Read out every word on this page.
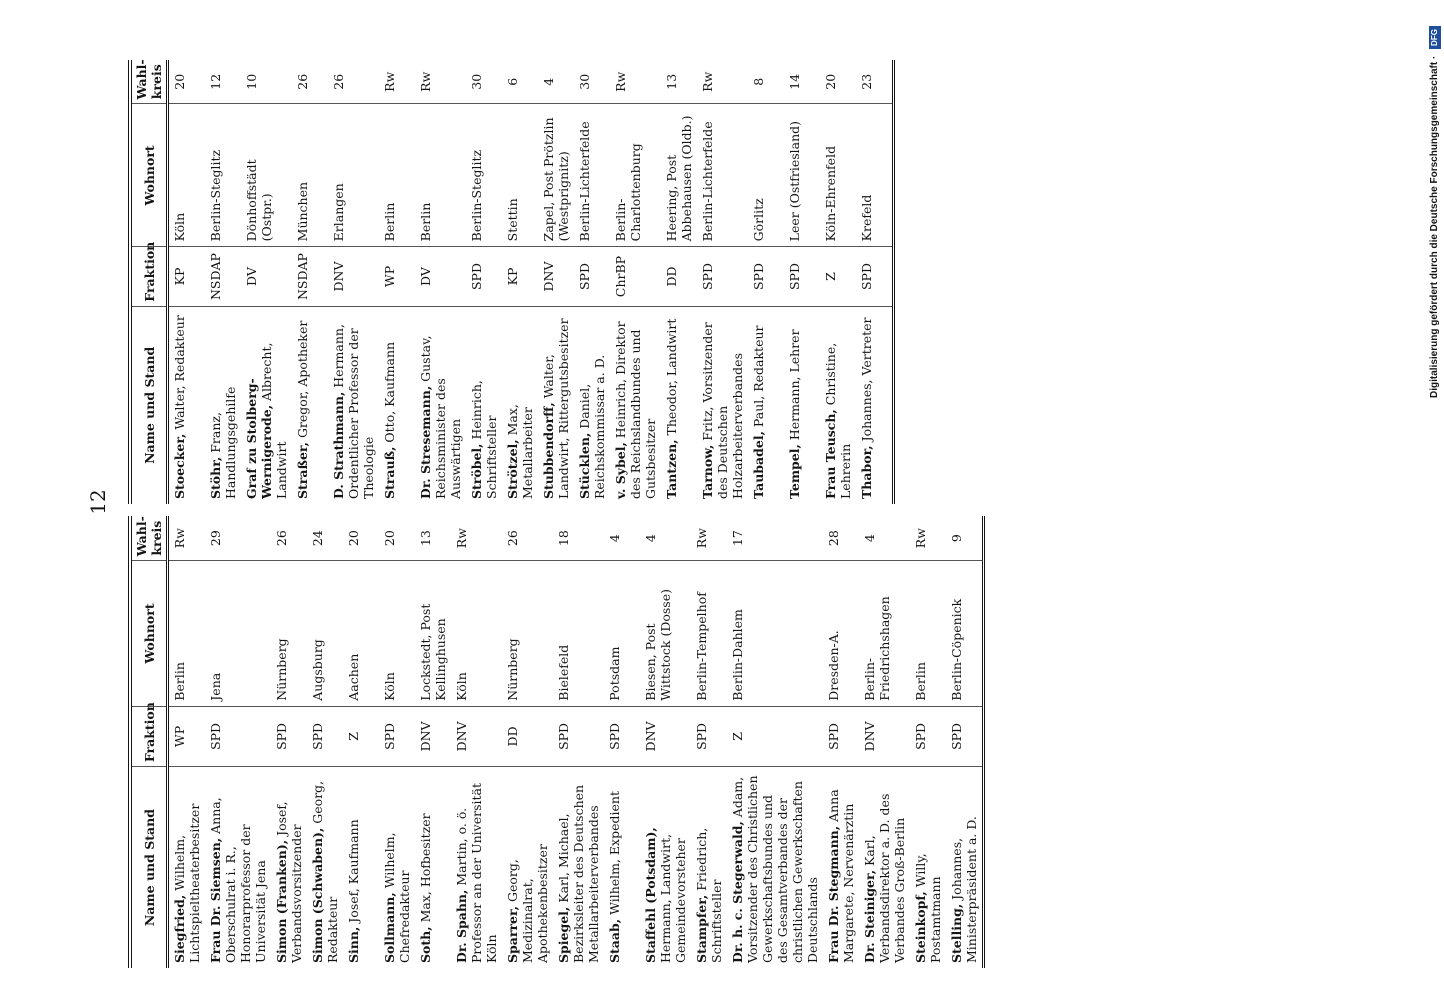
12
Digitalisierung gefördert durch die Deutsche Forschungsgemeinschaft · DFG
Name und Stand	Fraktion	Wohnort	Wahl-kreis
Siegfried, Wilhelm, Lichtspieltheaterbesitzer	WP	Berlin	Rw
Frau Dr. Siemsen, Anna, Oberschulrat i. R., Honorarprofessor der Universität Jena	SPD	Jena	29
Simon (Franken), Josef, Verbandsvorsitzender	SPD	Nürnberg	26
Simon (Schwaben), Georg, Redakteur	SPD	Augsburg	24
Sinn, Josef, Kaufmann	Z	Aachen	20
Sollmann, Wilhelm, Chefredakteur	SPD	Köln	20
Soth, Max, Hofbesitzer	DNV	Lockstedt, Post Kellinghusen	13
Dr. Spahn, Martin, o. ö. Professor an der Universität Köln	DNV	Köln	Rw
Sparrer, Georg, Medizinalrat, Apothekenbesitzer	DD	Nürnberg	26
Spiegel, Karl, Michael, Bezirksleiter des Deutschen Metallarbeiterverbandes	SPD	Bielefeld	18
Staab, Wilhelm, Expedient	SPD	Potsdam	4
Staffehl (Potsdam), Hermann, Landwirt, Gemeindevorsteher	DNV	Biesen, Post Wittstock (Dosse)	4
Stampfer, Friedrich, Schriftsteller	SPD	Berlin-Tempelhof	Rw
Dr. h. c. Stegerwald, Adam, Vorsitzender des Christlichen Gewerkschaftsbundes und des Gesamtverbandes der christlichen Gewerkschaften Deutschlands	Z	Berlin-Dahlem	17
Frau Dr. Stegmann, Anna Margarete, Nervenärztin	SPD	Dresden-A.	28
Dr. Steiniger, Karl, Verbandsdirektor a. D. des Verbandes Groß-Berlin	DNV	Berlin-Friedrichshagen	4
Steinkopf, Willy, Postamtmann	SPD	Berlin	Rw
Stelling, Johannes, Ministerpräsident a. D.	SPD	Berlin-Cöpenick	9
Name und Stand	Fraktion	Wohnort	Wahl-kreis
Stoecker, Walter, Redakteur	KP	Köln	20
Stöhr, Franz, Handlungsgehilfe	NSDAP	Berlin-Steglitz	12
Graf zu Stolberg-Wernigerode, Albrecht, Landwirt	DV	Dönhoffstädt (Ostpr.)	10
Straßer, Gregor, Apotheker	NSDAP	München	26
D. Strathmann, Hermann, Ordentlicher Professor der Theologie	DNV	Erlangen	26
Strauß, Otto, Kaufmann	WP	Berlin	Rw
Dr. Stresemann, Gustav, Reichsminister des Auswärtigen	DV	Berlin	Rw
Ströbel, Heinrich, Schriftsteller	SPD	Berlin-Steglitz	30
Strötzel, Max, Metallarbeiter	KP	Stettin	6
Stubbendorff, Walter, Landwirt, Rittergutsbesitzer	DNV	Zapel, Post Prötzlin (Westprignitz)	4
Stücklen, Daniel, Reichskommissar a. D.	SPD	Berlin-Lichterfelde	30
v. Sybel, Heinrich, Direktor des Reichslandbundes und Gutsbesitzer	ChrBP	Berlin-Charlottenburg	Rw
Tantzen, Theodor, Landwirt	DD	Heering, Post Abbehausen (Oldb.)	13
Tarnow, Fritz, Vorsitzender des Deutschen Holzarbeiterverbandes	SPD	Berlin-Lichterfelde	Rw
Taubadel, Paul, Redakteur	SPD	Görlitz	8
Tempel, Hermann, Lehrer	SPD	Leer (Ostfriesland)	14
Frau Teusch, Christine, Lehrerin	Z	Köln-Ehrenfeld	20
Thabor, Johannes, Vertreter	SPD	Krefeld	23
